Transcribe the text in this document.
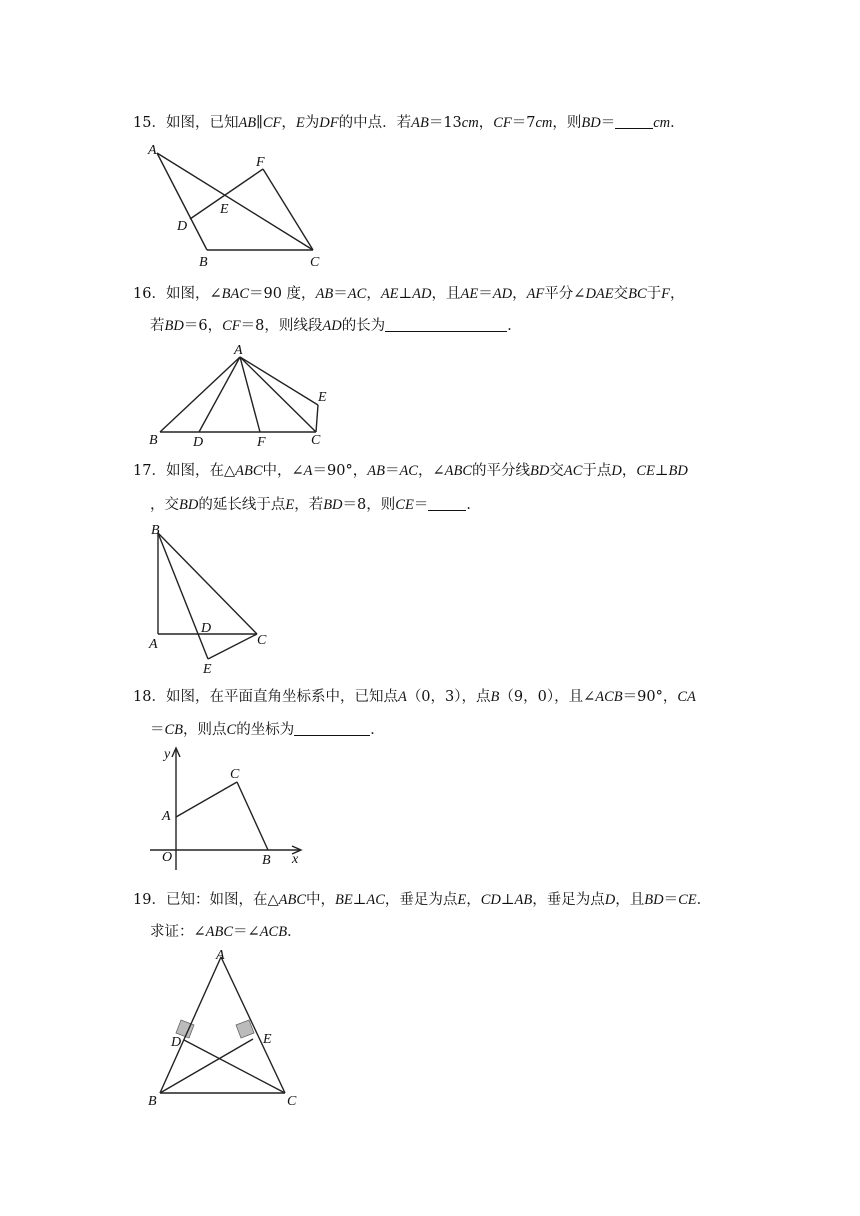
15．如图，已知AB∥CF，E为DF的中点．若AB＝13cm，CF＝7cm，则BD＝	cm．
A
F
E
D
B	C
16．如图，∠BAC＝90 度，AB＝AC，AE⊥AD，且AE＝AD，AF平分∠DAE交BC于F，
若BD＝6，CF＝8，则线段AD的长为	．
A
E
B	D	F	C
17．如图，在△ABC中，∠A＝90°，AB＝AC，∠ABC的平分线BD交AC于点D，CE⊥BD
，交BD的延长线于点E，若BD＝8，则CE＝	．
B
A
D
C
E
18．如图，在平面直角坐标系中，已知点A（0，3），点B（9，0），且∠ACB＝90°，CA
＝CB，则点C的坐标为	．
y
x
O
A
C
B
19．已知：如图，在△ABC中，BE⊥AC，垂足为点E，CD⊥AB，垂足为点D，且BD＝CE．
求证：∠ABC＝∠ACB．
A
D	E
B	C
